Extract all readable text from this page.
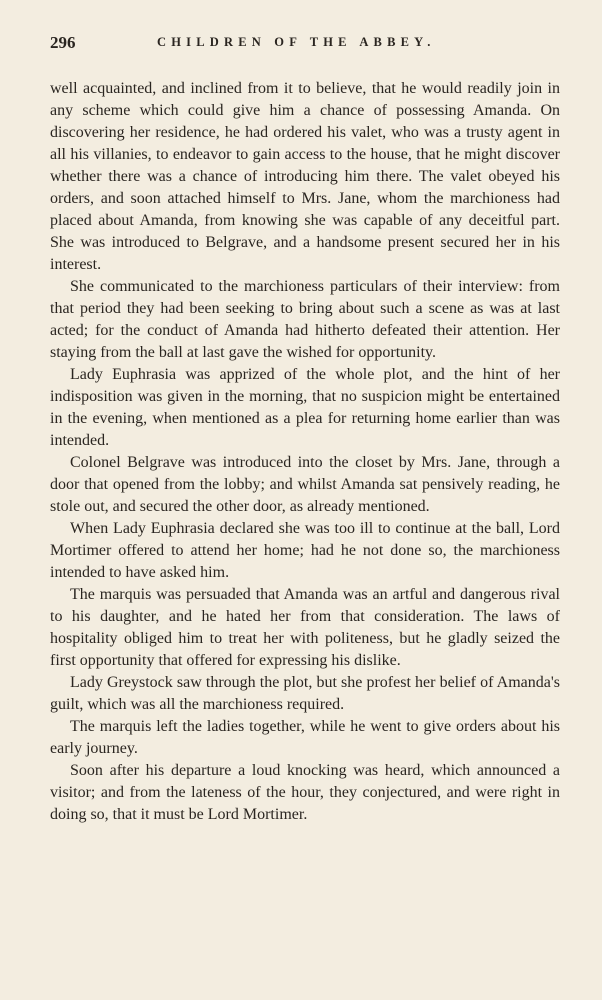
296	CHILDREN OF THE ABBEY.

well acquainted, and inclined from it to believe, that he would readily join in any scheme which could give him a chance of possessing Amanda. On discovering her residence, he had ordered his valet, who was a trusty agent in all his villanies, to endeavor to gain access to the house, that he might discover whether there was a chance of introducing him there. The valet obeyed his orders, and soon attached himself to Mrs. Jane, whom the marchioness had placed about Amanda, from knowing she was capable of any deceitful part. She was introduced to Belgrave, and a handsome present secured her in his interest.

She communicated to the marchioness particulars of their interview: from that period they had been seeking to bring about such a scene as was at last acted; for the conduct of Amanda had hitherto defeated their attention. Her staying from the ball at last gave the wished for opportunity.

Lady Euphrasia was apprized of the whole plot, and the hint of her indisposition was given in the morning, that no suspicion might be entertained in the evening, when mentioned as a plea for returning home earlier than was intended.

Colonel Belgrave was introduced into the closet by Mrs. Jane, through a door that opened from the lobby; and whilst Amanda sat pensively reading, he stole out, and secured the other door, as already mentioned.

When Lady Euphrasia declared she was too ill to continue at the ball, Lord Mortimer offered to attend her home; had he not done so, the marchioness intended to have asked him.

The marquis was persuaded that Amanda was an artful and dangerous rival to his daughter, and he hated her from that consideration. The laws of hospitality obliged him to treat her with politeness, but he gladly seized the first opportunity that offered for expressing his dislike.

Lady Greystock saw through the plot, but she profest her belief of Amanda's guilt, which was all the marchioness required.

The marquis left the ladies together, while he went to give orders about his early journey.

Soon after his departure a loud knocking was heard, which announced a visitor; and from the lateness of the hour, they conjectured, and were right in doing so, that it must be Lord Mortimer.
